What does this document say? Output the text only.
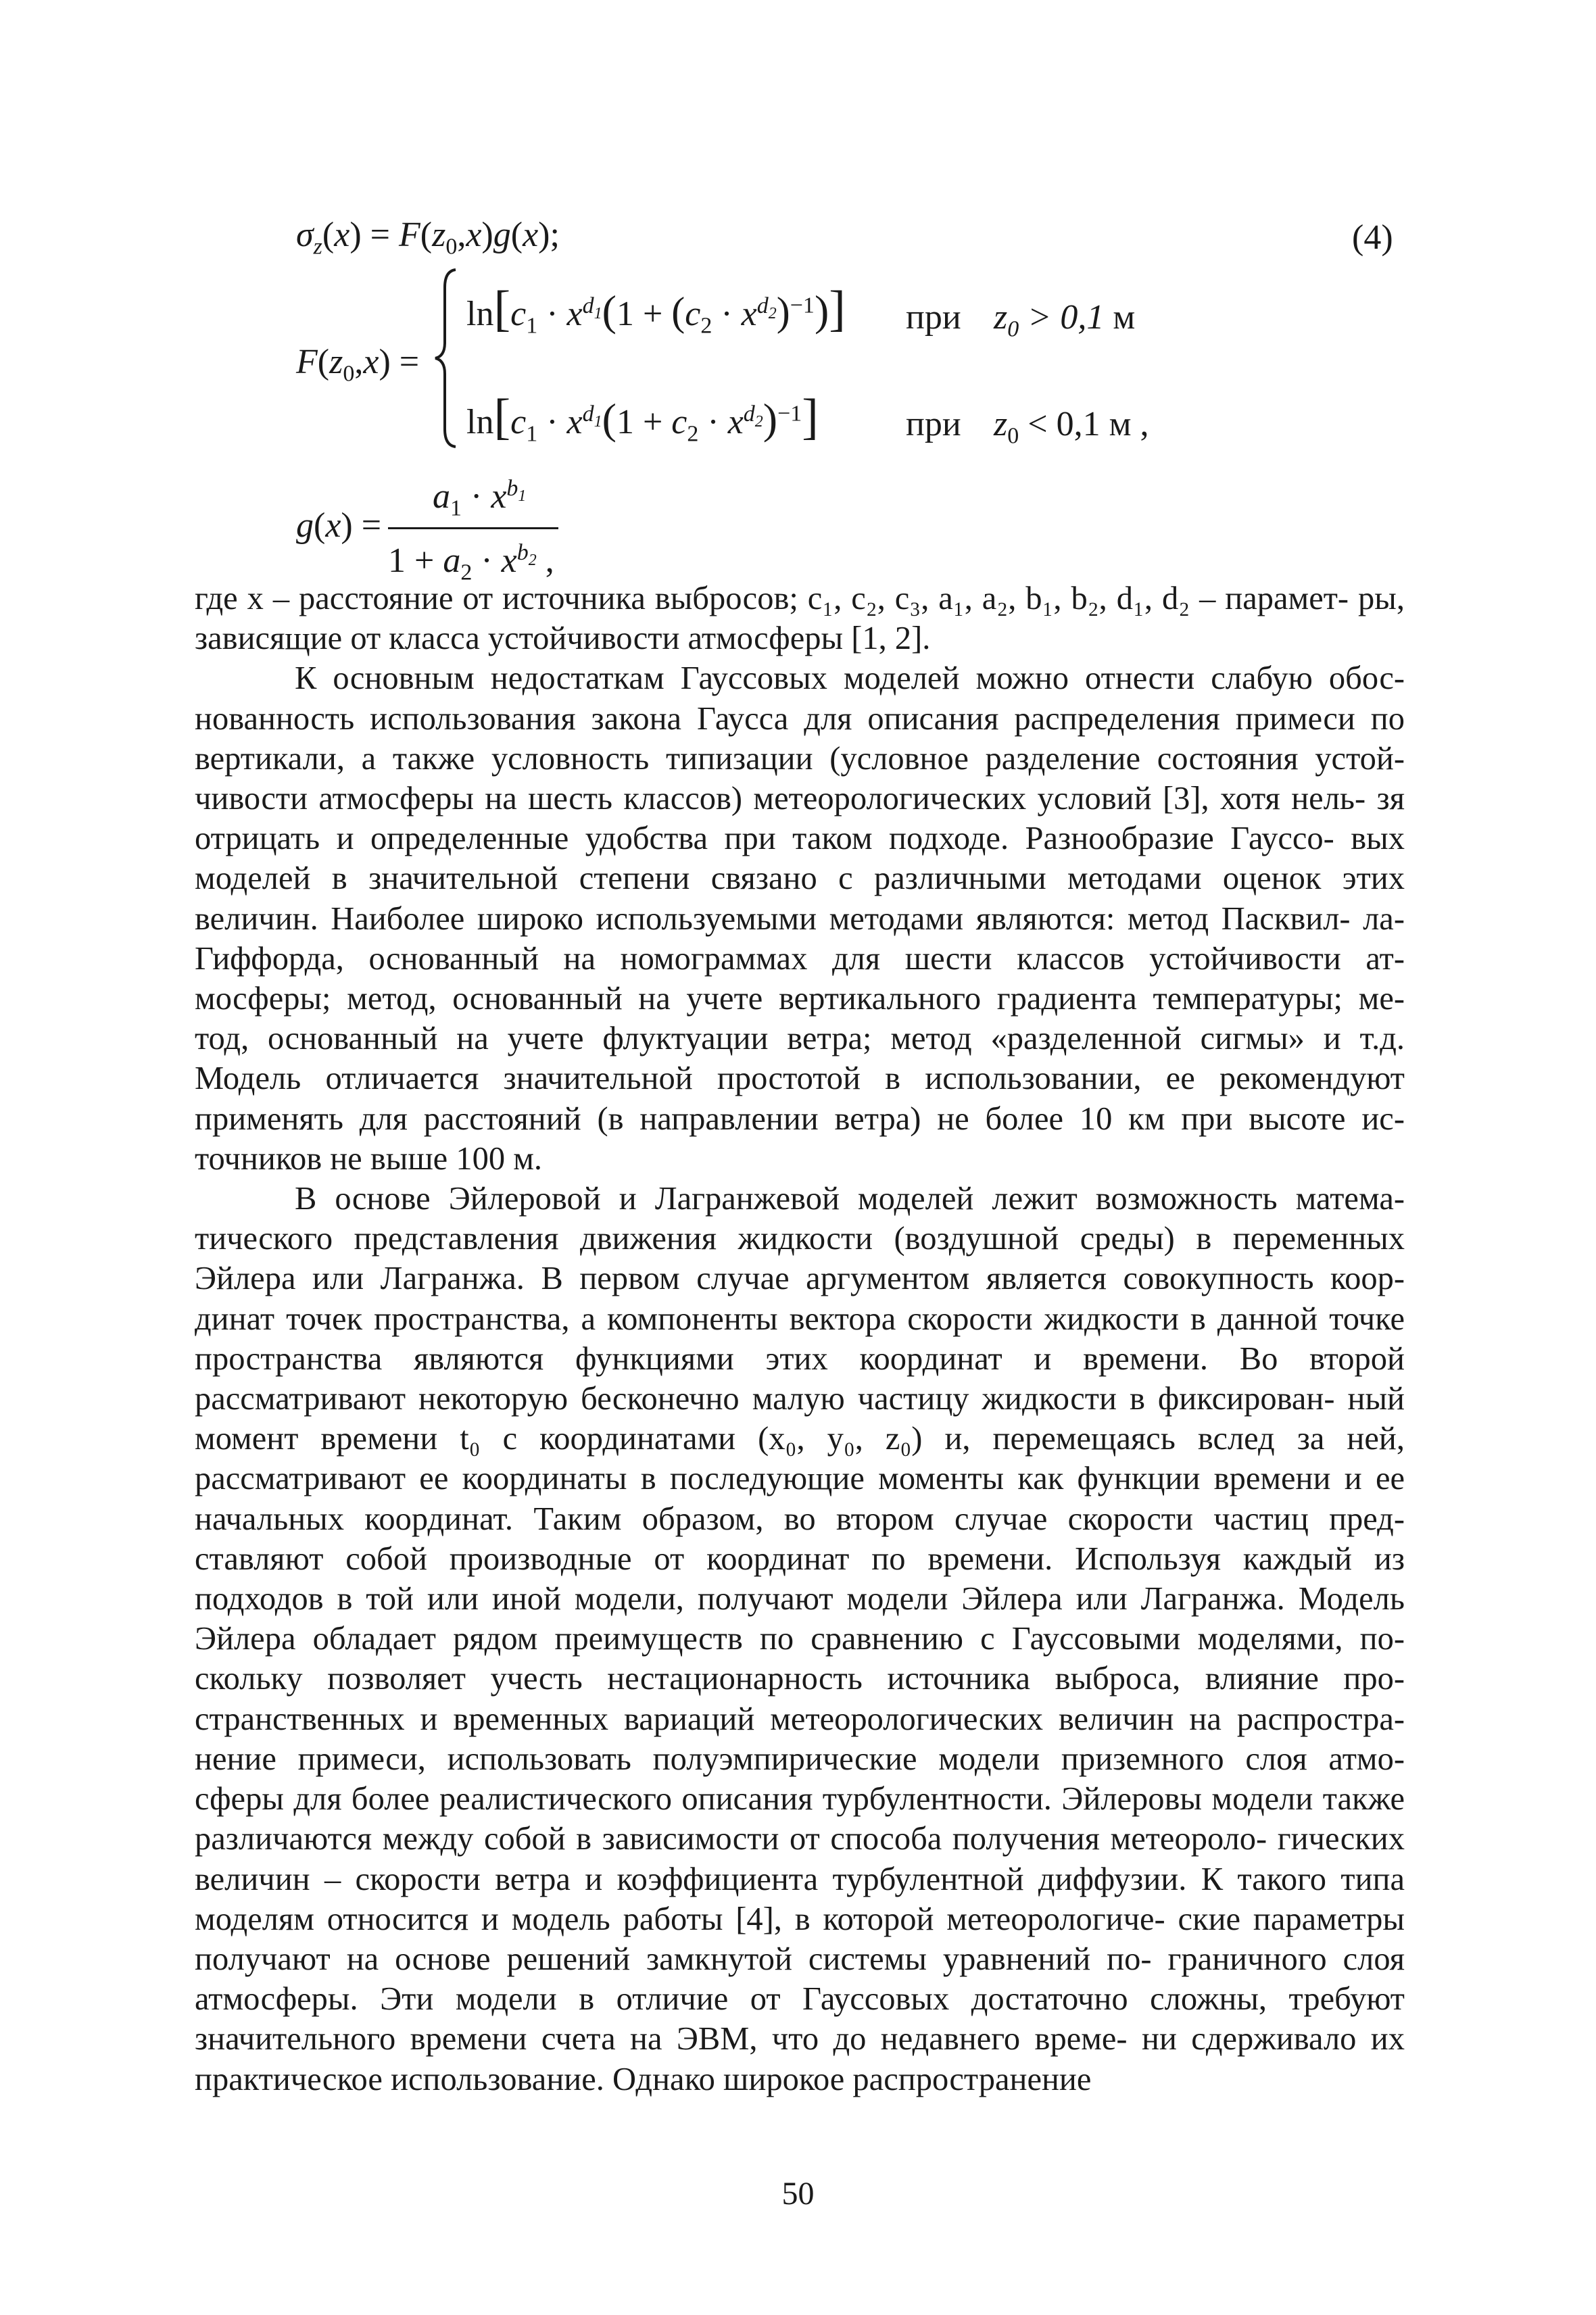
$\sigma_z(x) = F(z_0,x)g(x)$;	(4)
$F(z_0,x)$ =
$\ln[c_1 \cdot x^{d_1}(1 + (c_2 \cdot x^{d_2})^{-1})]$ при $z_0 > 0,1$ м
$\ln[c_1 \cdot x^{d_1}(1 + c_2 \cdot x^{d_2})^{-1}]$ при $z_0 < 0,1$ м ,
g(x) =
$a_1 \cdot x^{b_1}$
$1 + a_2 \cdot x^{b_2}$ ,

где x – расстояние от источника выбросов; c₁, c₂, c₃, a₁, a₂, b₁, b₂, d₁, d₂ – парамет- ры, зависящие от класса устойчивости атмосферы [1, 2].

К основным недостаткам Гауссовых моделей можно отнести слабую обос- нованность использования закона Гаусса для описания распределения примеси по вертикали, а также условность типизации (условное разделение состояния устой- чивости атмосферы на шесть классов) метеорологических условий [3], хотя нель- зя отрицать и определенные удобства при таком подходе. Разнообразие Гауссо- вых моделей в значительной степени связано с различными методами оценок этих величин. Наиболее широко используемыми методами являются: метод Пасквил- ла-Гиффорда, основанный на номограммах для шести классов устойчивости ат- мосферы; метод, основанный на учете вертикального градиента температуры; ме- тод, основанный на учете флуктуации ветра; метод «разделенной сигмы» и т.д. Модель отличается значительной простотой в использовании, ее рекомендуют применять для расстояний (в направлении ветра) не более 10 км при высоте ис- точников не выше 100 м.

В основе Эйлеровой и Лагранжевой моделей лежит возможность матема- тического представления движения жидкости (воздушной среды) в переменных Эйлера или Лагранжа. В первом случае аргументом является совокупность коор- динат точек пространства, а компоненты вектора скорости жидкости в данной точке пространства являются функциями этих координат и времени. Во второй рассматривают некоторую бесконечно малую частицу жидкости в фиксирован- ный момент времени t₀ с координатами (x₀, y₀, z₀) и, перемещаясь вслед за ней, рассматривают ее координаты в последующие моменты как функции времени и ее начальных координат. Таким образом, во втором случае скорости частиц пред- ставляют собой производные от координат по времени. Используя каждый из подходов в той или иной модели, получают модели Эйлера или Лагранжа. Модель Эйлера обладает рядом преимуществ по сравнению с Гауссовыми моделями, по- скольку позволяет учесть нестационарность источника выброса, влияние про- странственных и временных вариаций метеорологических величин на распростра- нение примеси, использовать полуэмпирические модели приземного слоя атмо- сферы для более реалистического описания турбулентности. Эйлеровы модели также различаются между собой в зависимости от способа получения метеороло- гических величин – скорости ветра и коэффициента турбулентной диффузии. К такого типа моделям относится и модель работы [4], в которой метеорологиче- ские параметры получают на основе решений замкнутой системы уравнений по- граничного слоя атмосферы. Эти модели в отличие от Гауссовых достаточно сложны, требуют значительного времени счета на ЭВМ, что до недавнего време- ни сдерживало их практическое использование. Однако широкое распространение

50
